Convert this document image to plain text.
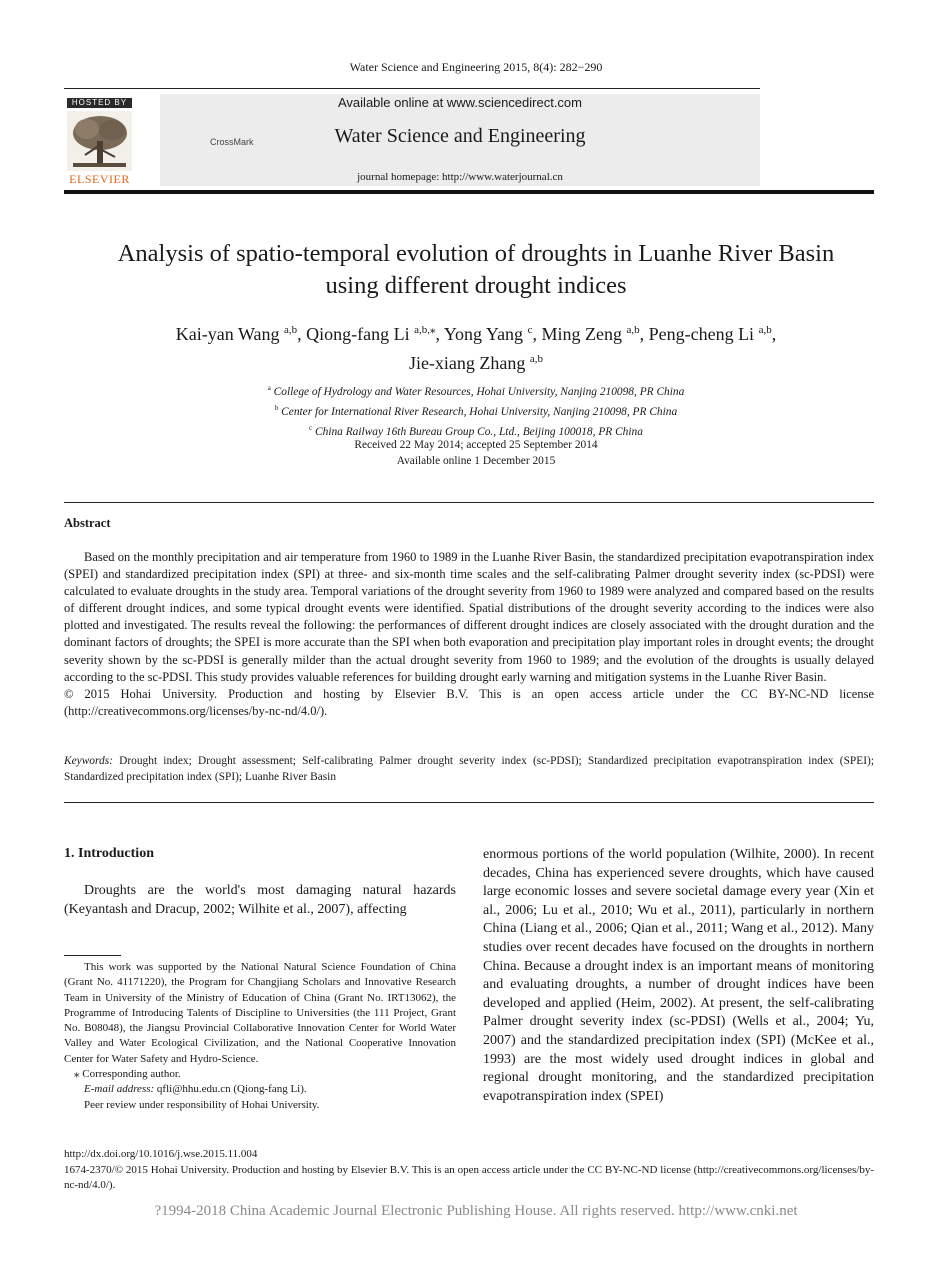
Water Science and Engineering 2015, 8(4): 282−290
HOSTED BY
ELSEVIER
CrossMark
Available online at www.sciencedirect.com
Water Science and Engineering
journal homepage: http://www.waterjournal.cn
Analysis of spatio-temporal evolution of droughts in Luanhe River Basin
using different drought indices
Kai-yan Wang $^{a,b}$, Qiong-fang Li $^{a,b,⁎}$, Yong Yang $^c$, Ming Zeng $^{a,b}$, Peng-cheng Li $^{a,b}$,
Jie-xiang Zhang $^{a,b}$
$^a$ College of Hydrology and Water Resources, Hohai University, Nanjing 210098, PR China
$^b$ Center for International River Research, Hohai University, Nanjing 210098, PR China
$^c$ China Railway 16th Bureau Group Co., Ltd., Beijing 100018, PR China
Received 22 May 2014; accepted 25 September 2014
Available online 1 December 2015
Abstract

Based on the monthly precipitation and air temperature from 1960 to 1989 in the Luanhe River Basin, the standardized precipitation evapotranspiration index (SPEI) and standardized precipitation index (SPI) at three- and six-month time scales and the self-calibrating Palmer drought severity index (sc-PDSI) were calculated to evaluate droughts in the study area. Temporal variations of the drought severity from 1960 to 1989 were analyzed and compared based on the results of different drought indices, and some typical drought events were identified. Spatial distributions of the drought severity according to the indices were also plotted and investigated. The results reveal the following: the performances of different drought indices are closely associated with the drought duration and the dominant factors of droughts; the SPEI is more accurate than the SPI when both evaporation and precipitation play important roles in drought events; the drought severity shown by the sc-PDSI is generally milder than the actual drought severity from 1960 to 1989; and the evolution of the droughts is usually delayed according to the sc-PDSI. This study provides valuable references for building drought early warning and mitigation systems in the Luanhe River Basin.

© 2015 Hohai University. Production and hosting by Elsevier B.V. This is an open access article under the CC BY-NC-ND license (http://creativecommons.org/licenses/by-nc-nd/4.0/).

Keywords: Drought index; Drought assessment; Self-calibrating Palmer drought severity index (sc-PDSI); Standardized precipitation evapotranspiration index (SPEI); Standardized precipitation index (SPI); Luanhe River Basin
1. Introduction
Droughts are the world's most damaging natural hazards (Keyantash and Dracup, 2002; Wilhite et al., 2007), affecting

This work was supported by the National Natural Science Foundation of China (Grant No. 41171220), the Program for Changjiang Scholars and Innovative Research Team in University of the Ministry of Education of China (Grant No. IRT13062), the Programme of Introducing Talents of Discipline to Universities (the 111 Project, Grant No. B08048), the Jiangsu Provincial Collaborative Innovation Center for World Water Valley and Water Ecological Civilization, and the National Cooperative Innovation Center for Water Safety and Hydro-Science.

⁎ Corresponding author.

E-mail address: qfli@hhu.edu.cn (Qiong-fang Li).

Peer review under responsibility of Hohai University.

enormous portions of the world population (Wilhite, 2000). In recent decades, China has experienced severe droughts, which have caused large economic losses and severe societal damage every year (Xin et al., 2006; Lu et al., 2010; Wu et al., 2011), particularly in northern China (Liang et al., 2006; Qian et al., 2011; Wang et al., 2012). Many studies over recent decades have focused on the droughts in northern China. Because a drought index is an important means of monitoring and evaluating droughts, a number of drought indices have been developed and applied (Heim, 2002). At present, the self-calibrating Palmer drought severity index (sc-PDSI) (Wells et al., 2004; Yu, 2007) and the standardized precipitation index (SPI) (McKee et al., 1993) are the most widely used drought indices in global and regional drought monitoring, and the standardized precipitation evapotranspiration index (SPEI)
http://dx.doi.org/10.1016/j.wse.2015.11.004
1674-2370/© 2015 Hohai University. Production and hosting by Elsevier B.V. This is an open access article under the CC BY-NC-ND license (http://creativecommons.org/licenses/by-nc-nd/4.0/).
?1994-2018 China Academic Journal Electronic Publishing House. All rights reserved. http://www.cnki.net
